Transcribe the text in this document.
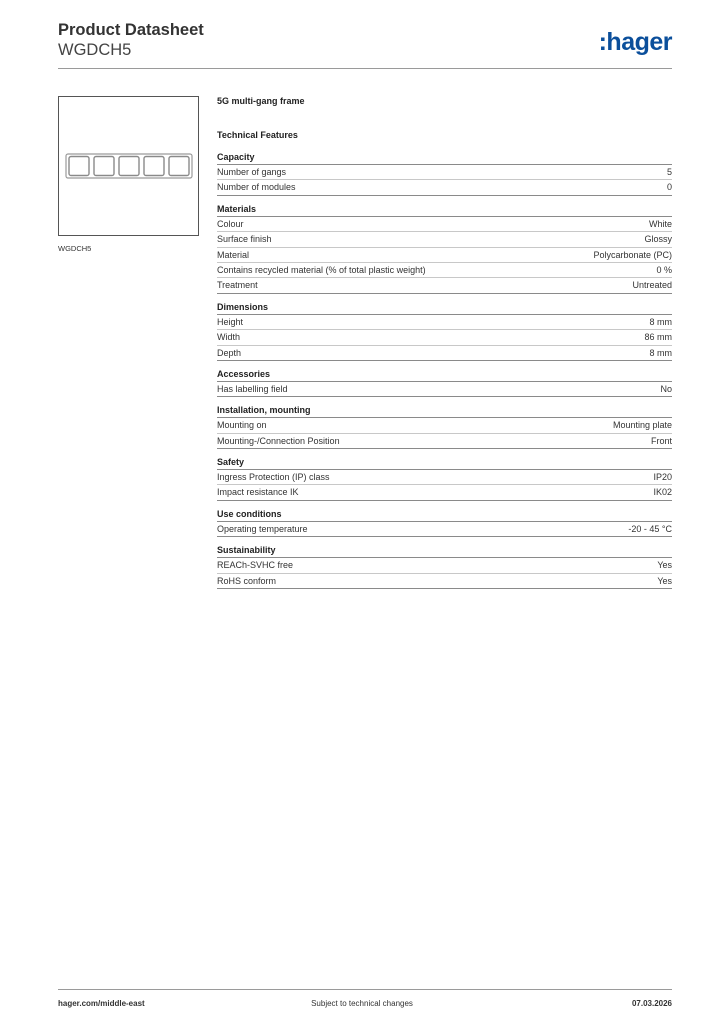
Product Datasheet
WGDCH5	:hager
WGDCH5
5G multi-gang frame
Technical Features
Capacity
Number of gangs	5
Number of modules	0
Materials
Colour	White
Surface finish	Glossy
Material	Polycarbonate (PC)
Contains recycled material (% of total plastic weight)	0 %
Treatment	Untreated
Dimensions
Height	8 mm
Width	86 mm
Depth	8 mm
Accessories
Has labelling field	No
Installation, mounting
Mounting on	Mounting plate
Mounting-/Connection Position	Front
Safety
Ingress Protection (IP) class	IP20
Impact resistance IK	IK02
Use conditions
Operating temperature	-20 - 45 °C
Sustainability
REACh-SVHC free	Yes
RoHS conform	Yes
hager.com/middle-east	Subject to technical changes	07.03.2026
